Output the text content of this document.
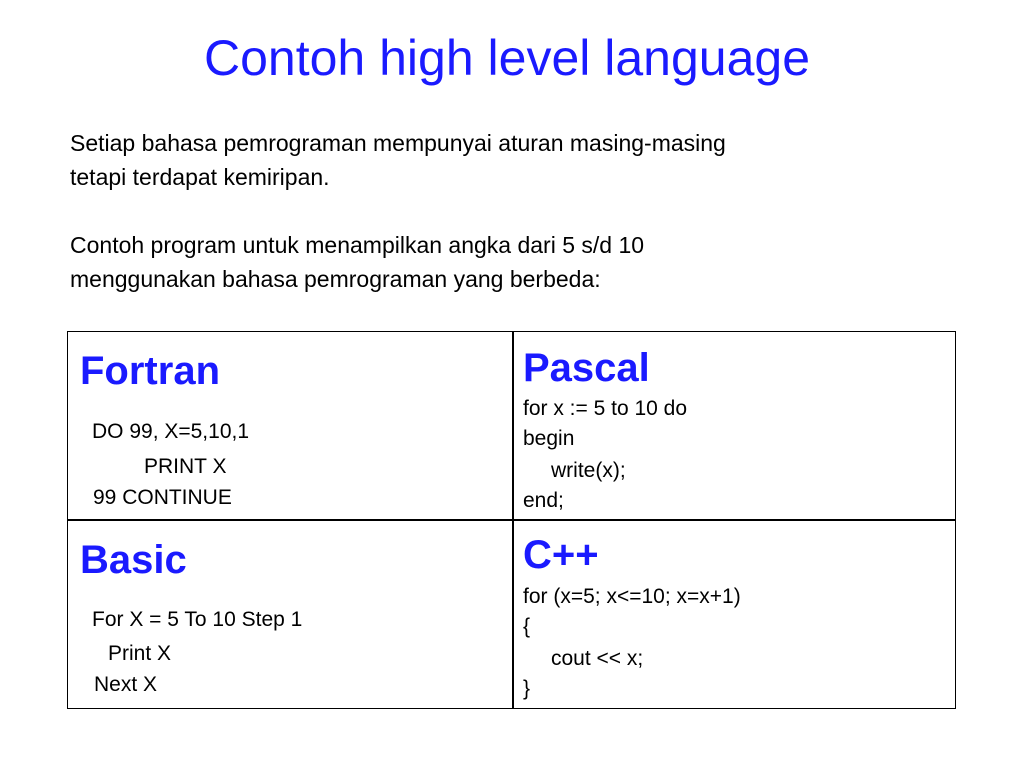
Contoh high level language

Setiap bahasa pemrograman mempunyai aturan masing-masing
tetapi terdapat kemiripan.

Contoh program untuk menampilkan angka dari 5 s/d 10
menggunakan bahasa pemrograman yang berbeda:

Fortran
DO 99, X=5,10,1
PRINT X
99 CONTINUE
Pascal
for x := 5 to 10 do
begin
write(x);
end;
Basic
For X = 5 To 10 Step 1
Print X
Next X
C++
for (x=5; x<=10; x=x+1)
{
cout << x;
}
